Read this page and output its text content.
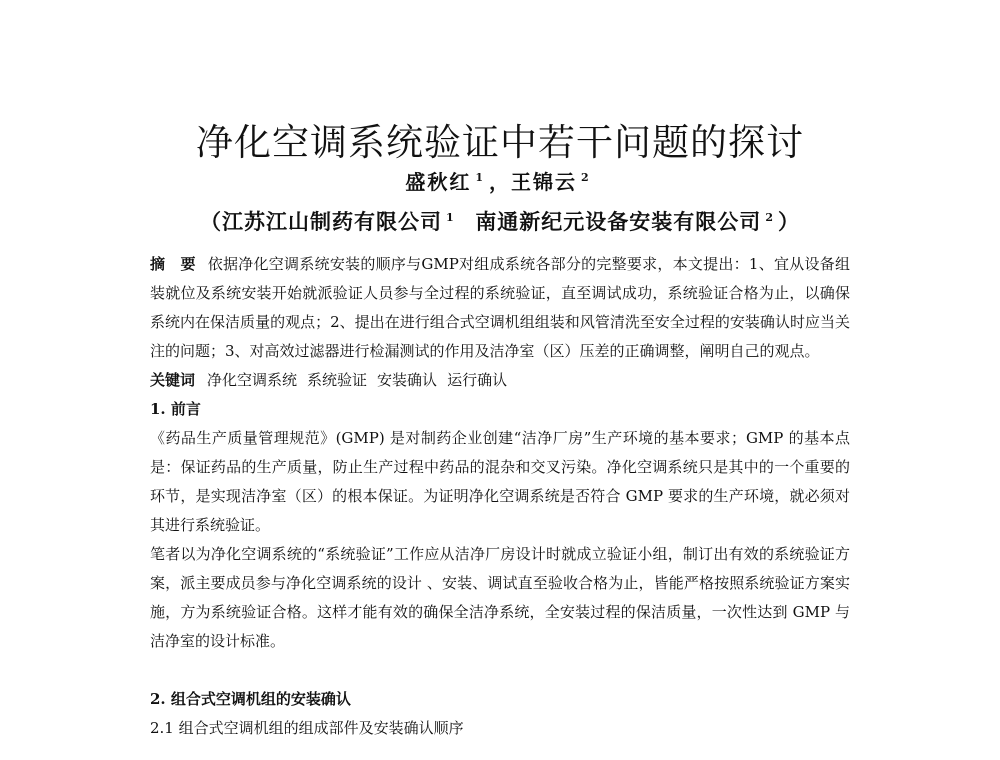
净化空调系统验证中若干问题的探讨
盛秋红 $^1$ ，王锦云 $^2$
（江苏江山制药有限公司 $^1$ 南通新纪元设备安装有限公司 $^2$ ）
摘　要 依据净化空调系统安装的顺序与GMP对组成系统各部分的完整要求，本文提出：1、宜从设备组装就位及系统安装开始就派验证人员参与全过程的系统验证，直至调试成功，系统验证合格为止，以确保系统内在保洁质量的观点；2、提出在进行组合式空调机组组装和风管清洗至安全过程的安装确认时应当关注的问题；3、对高效过滤器进行检漏测试的作用及洁净室（区）压差的正确调整，阐明自己的观点。
关键词 净化空调系统 系统验证 安装确认 运行确认
1. 前言
《药品生产质量管理规范》(GMP) 是对制药企业创建“洁净厂房”生产环境的基本要求；GMP 的基本点是：保证药品的生产质量，防止生产过程中药品的混杂和交叉污染。净化空调系统只是其中的一个重要的环节，是实现洁净室（区）的根本保证。为证明净化空调系统是否符合 GMP 要求的生产环境，就必须对其进行系统验证。
笔者以为净化空调系统的“系统验证”工作应从洁净厂房设计时就成立验证小组，制订出有效的系统验证方案，派主要成员参与净化空调系统的设计 、安装、调试直至验收合格为止，皆能严格按照系统验证方案实施，方为系统验证合格。这样才能有效的确保全洁净系统，全安装过程的保洁质量，一次性达到 GMP 与洁净室的设计标准。
2. 组合式空调机组的安装确认
2.1 组合式空调机组的组成部件及安装确认顺序
